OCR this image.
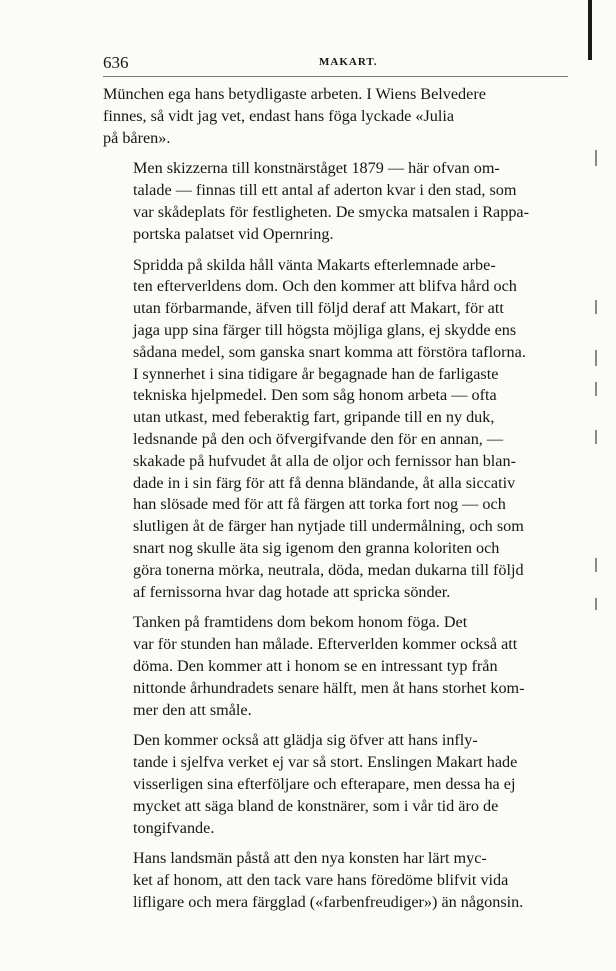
636	MAKART.

München ega hans betydligaste arbeten. I Wiens Belvedere
finnes, så vidt jag vet, endast hans föga lyckade «Julia
på båren».

Men skizzerna till konstnärståget 1879 — här ofvan om-
talade — finnas till ett antal af aderton kvar i den stad, som
var skådeplats för festligheten. De smycka matsalen i Rappa-
portska palatset vid Opernring.

Spridda på skilda håll vänta Makarts efterlemnade arbe-
ten efterverldens dom. Och den kommer att blifva hård och
utan förbarmande, äfven till följd deraf att Makart, för att
jaga upp sina färger till högsta möjliga glans, ej skydde ens
sådana medel, som ganska snart komma att förstöra taflorna.
I synnerhet i sina tidigare år begagnade han de farligaste
tekniska hjelpmedel. Den som såg honom arbeta — ofta
utan utkast, med feberaktig fart, gripande till en ny duk,
ledsnande på den och öfvergifvande den för en annan, —
skakade på hufvudet åt alla de oljor och fernissor han blan-
dade in i sin färg för att få denna bländande, åt alla siccativ
han slösade med för att få färgen att torka fort nog — och
slutligen åt de färger han nytjade till undermålning, och som
snart nog skulle äta sig igenom den granna koloriten och
göra tonerna mörka, neutrala, döda, medan dukarna till följd
af fernissorna hvar dag hotade att spricka sönder.

Tanken på framtidens dom bekom honom föga. Det
var för stunden han målade. Efterverlden kommer också att
döma. Den kommer att i honom se en intressant typ från
nittonde århundradets senare hälft, men åt hans storhet kom-
mer den att småle.

Den kommer också att glädja sig öfver att hans infly-
tande i sjelfva verket ej var så stort. Enslingen Makart hade
visserligen sina efterföljare och efterapare, men dessa ha ej
mycket att säga bland de konstnärer, som i vår tid äro de
tongifvande.

Hans landsmän påstå att den nya konsten har lärt myc-
ket af honom, att den tack vare hans föredöme blifvit vida
lifligare och mera färgglad («farbenfreudiger») än någonsin.
